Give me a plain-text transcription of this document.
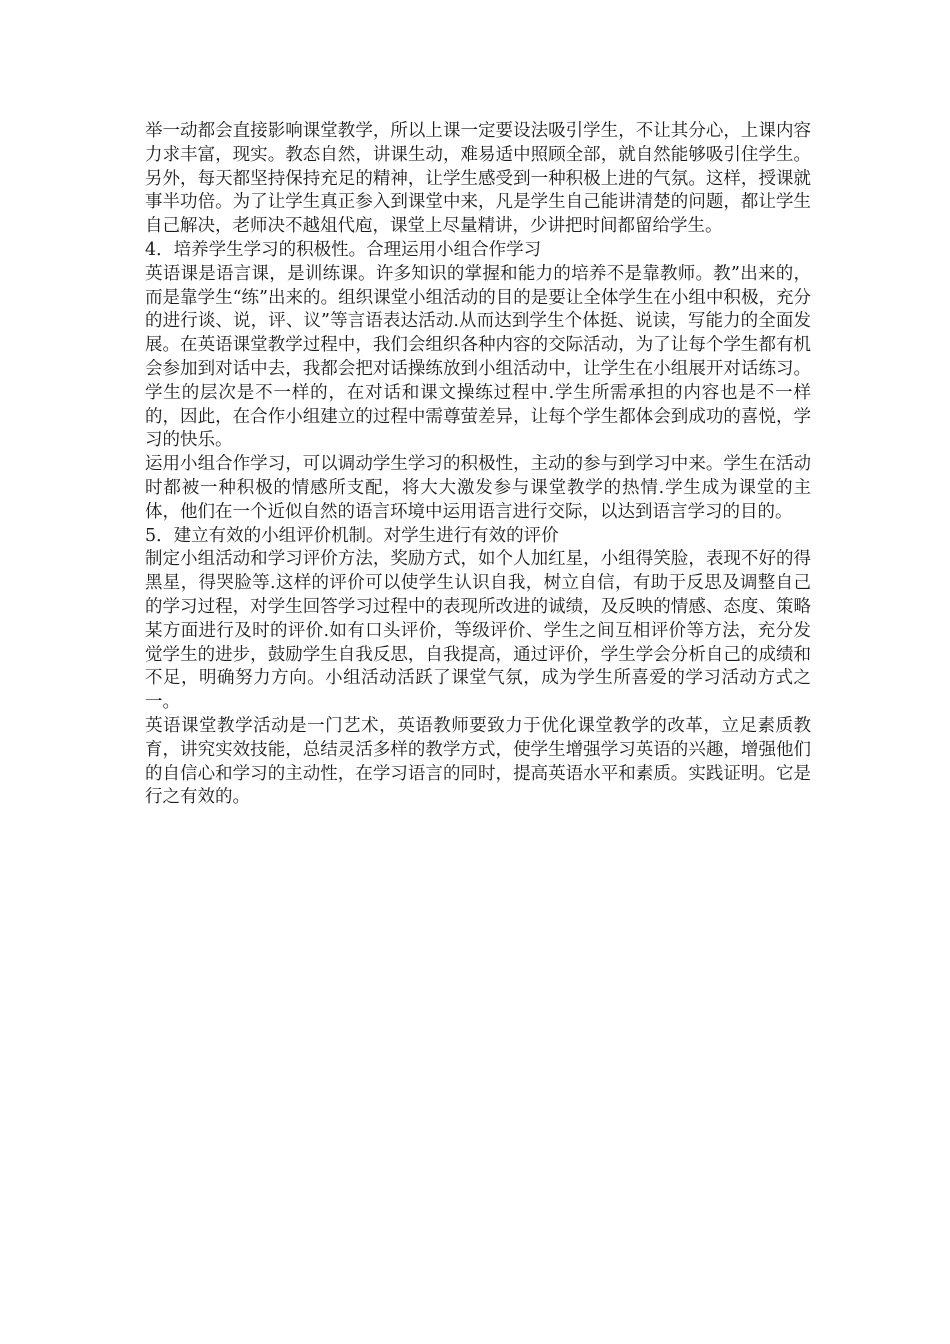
举一动都会直接影响课堂教学，所以上课一定要设法吸引学生，不让其分心，上课内容力求丰富，现实。教态自然，讲课生动，难易适中照顾全部，就自然能够吸引住学生。另外，每天都坚持保持充足的精神，让学生感受到一种积极上进的气氛。这样，授课就事半功倍。为了让学生真正参入到课堂中来，凡是学生自己能讲清楚的问题，都让学生自己解决，老师决不越俎代庖，课堂上尽量精讲，少讲把时间都留给学生。

4．培养学生学习的积极性。合理运用小组合作学习

英语课是语言课，是训练课。许多知识的掌握和能力的培养不是靠教师。教”出来的，而是靠学生“练”出来的。组织课堂小组活动的目的是要让全体学生在小组中积极，充分的进行谈、说，评、议”等言语表达活动.从而达到学生个体挺、说读，写能力的全面发展。在英语课堂教学过程中，我们会组织各种内容的交际活动，为了让每个学生都有机会参加到对话中去，我都会把对话操练放到小组活动中，让学生在小组展开对话练习。学生的层次是不一样的，在对话和课文操练过程中.学生所需承担的内容也是不一样的，因此，在合作小组建立的过程中需尊萤差异，让每个学生都体会到成功的喜悦，学习的快乐。

运用小组合作学习，可以调动学生学习的积极性，主动的参与到学习中来。学生在活动时都被一种积极的情感所支配，将大大激发参与课堂教学的热情.学生成为课堂的主体，他们在一个近似自然的语言环境中运用语言进行交际，以达到语言学习的目的。

5．建立有效的小组评价机制。对学生进行有效的评价

制定小组活动和学习评价方法，奖励方式，如个人加红星，小组得笑脸，表现不好的得黑星，得哭脸等.这样的评价可以使学生认识自我，树立自信，有助于反思及调整自己的学习过程，对学生回答学习过程中的表现所改进的诚绩，及反映的情感、态度、策略某方面进行及时的评价.如有口头评价，等级评价、学生之间互相评价等方法，充分发觉学生的进步，鼓励学生自我反思，自我提高，通过评价，学生学会分析自己的成绩和不足，明确努力方向。小组活动活跃了课堂气氛，成为学生所喜爱的学习活动方式之一。

英语课堂教学活动是一门艺术，英语教师要致力于优化课堂教学的改革，立足素质教育，讲究实效技能，总结灵活多样的教学方式，使学生增强学习英语的兴趣，增强他们的自信心和学习的主动性，在学习语言的同时，提高英语水平和素质。实践证明。它是行之有效的。
